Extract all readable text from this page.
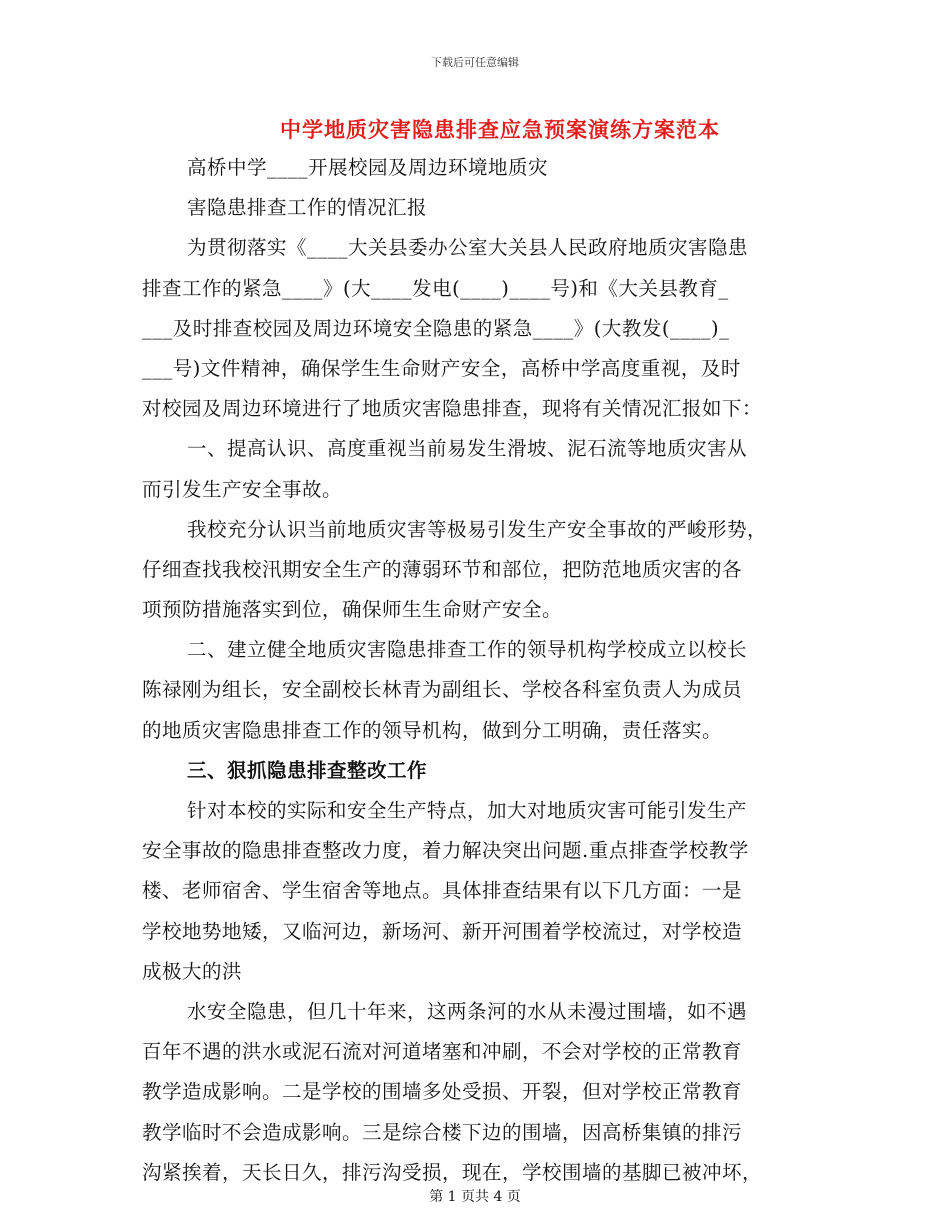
下载后可任意编辑
中学地质灾害隐患排查应急预案演练方案范本
高桥中学____开展校园及周边环境地质灾
害隐患排查工作的情况汇报
为贯彻落实《____大关县委办公室大关县人民政府地质灾害隐患
排查工作的紧急____》(大____发电(____)____号)和《大关县教育_
___及时排查校园及周边环境安全隐患的紧急____》(大教发(____)_
___号)文件精神，确保学生生命财产安全，高桥中学高度重视，及时
对校园及周边环境进行了地质灾害隐患排查，现将有关情况汇报如下：
一、提高认识、高度重视当前易发生滑坡、泥石流等地质灾害从
而引发生产安全事故。
我校充分认识当前地质灾害等极易引发生产安全事故的严峻形势，
仔细查找我校汛期安全生产的薄弱环节和部位，把防范地质灾害的各
项预防措施落实到位，确保师生生命财产安全。
二、建立健全地质灾害隐患排查工作的领导机构学校成立以校长
陈禄刚为组长，安全副校长林青为副组长、学校各科室负责人为成员
的地质灾害隐患排查工作的领导机构，做到分工明确，责任落实。
三、狠抓隐患排查整改工作
针对本校的实际和安全生产特点，加大对地质灾害可能引发生产
安全事故的隐患排查整改力度，着力解决突出问题.重点排查学校教学
楼、老师宿舍、学生宿舍等地点。具体排查结果有以下几方面：一是
学校地势地矮，又临河边，新场河、新开河围着学校流过，对学校造
成极大的洪
水安全隐患，但几十年来，这两条河的水从未漫过围墙，如不遇
百年不遇的洪水或泥石流对河道堵塞和冲刷，不会对学校的正常教育
教学造成影响。二是学校的围墙多处受损、开裂，但对学校正常教育
教学临时不会造成影响。三是综合楼下边的围墙，因高桥集镇的排污
沟紧挨着，天长日久，排污沟受损，现在，学校围墙的基脚已被冲坏，
第 1 页共 4 页
